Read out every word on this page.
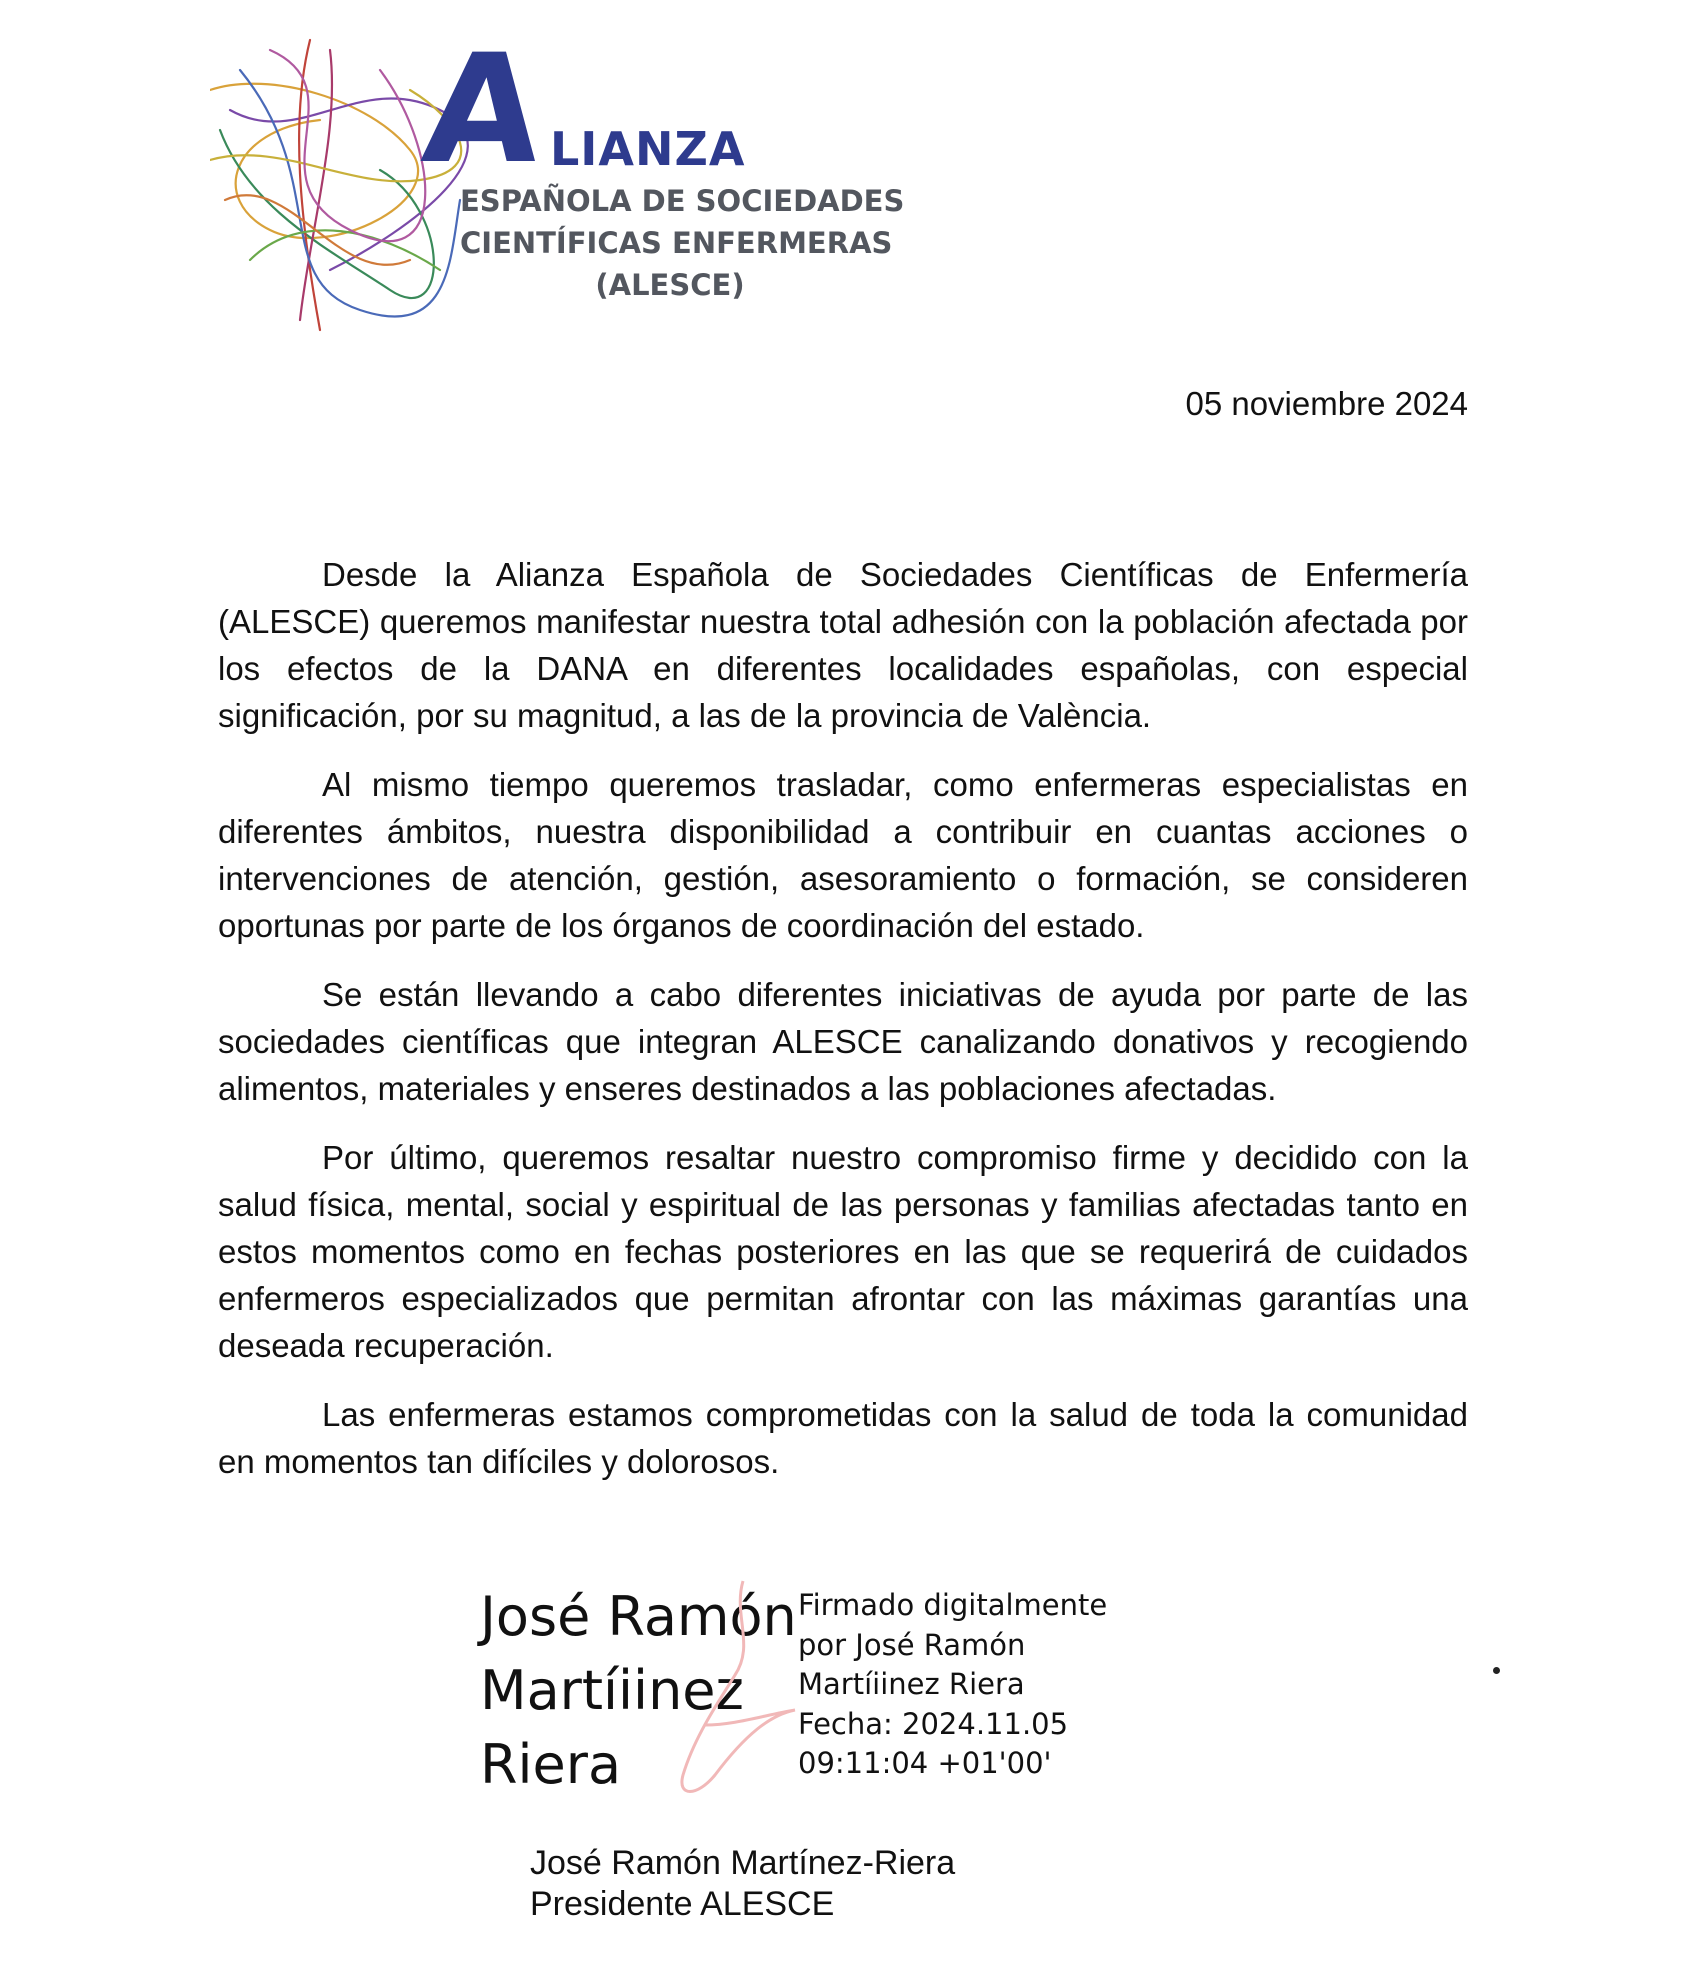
A LIANZA
ESPAÑOLA DE SOCIEDADES
CIENTÍFICAS ENFERMERAS
(ALESCE)
05 noviembre 2024

Desde la Alianza Española de Sociedades Científicas de Enfermería (ALESCE) queremos manifestar nuestra total adhesión con la población afectada por los efectos de la DANA en diferentes localidades españolas, con especial significación, por su magnitud, a las de la provincia de València.

Al mismo tiempo queremos trasladar, como enfermeras especialistas en diferentes ámbitos, nuestra disponibilidad a contribuir en cuantas acciones o intervenciones de atención, gestión, asesoramiento o formación, se consideren oportunas por parte de los órganos de coordinación del estado.

Se están llevando a cabo diferentes iniciativas de ayuda por parte de las sociedades científicas que integran ALESCE canalizando donativos y recogiendo alimentos, materiales y enseres destinados a las poblaciones afectadas.

Por último, queremos resaltar nuestro compromiso firme y decidido con la salud física, mental, social y espiritual de las personas y familias afectadas tanto en estos momentos como en fechas posteriores en las que se requerirá de cuidados enfermeros especializados que permitan afrontar con las máximas garantías una deseada recuperación.

Las enfermeras estamos comprometidas con la salud de toda la comunidad en momentos tan difíciles y dolorosos.

José Ramón
Martíiinez
Riera
Firmado digitalmente
por José Ramón
Martíiinez Riera
Fecha: 2024.11.05
09:11:04 +01'00'
José Ramón Martínez-Riera
Presidente ALESCE
